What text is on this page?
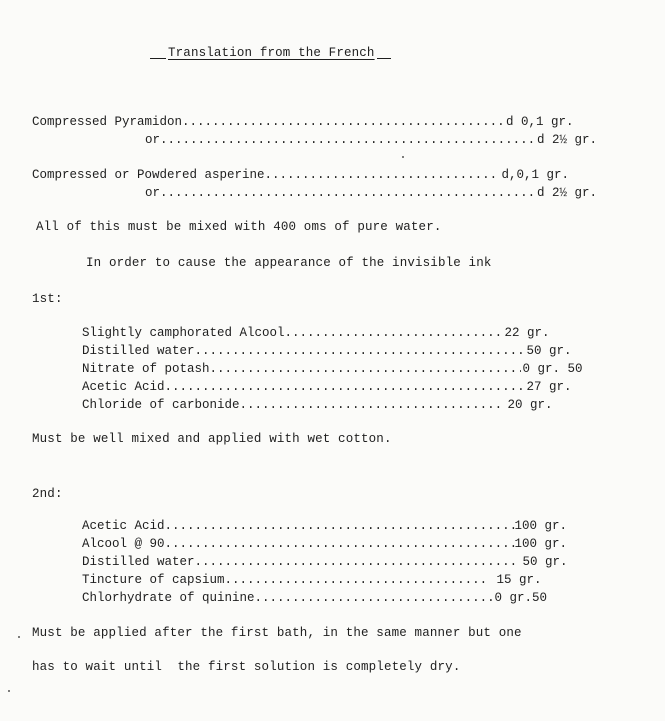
Translation from the French
Compressed Pyramidon .....	d 0,1 gr.
or .....	d 2½ gr.
Compressed or Powdered asperine .....	d,0,1 gr.
or .....	d 2½ gr.
All of this must be mixed with 400 oms of pure water.
In order to cause the appearance of the invisible ink
1st:
Slightly camphorated Alcool .....	22 gr.
Distilled water .....	50 gr.
Nitrate of potash .....	0 gr. 50
Acetic Acid .....	27 gr.
Chloride of carbonide .....	20 gr.
Must be well mixed and applied with wet cotton.
2nd:
Acetic Acid .....	100 gr.
Alcool @ 90 .....	100 gr.
Distilled water .....	50 gr.
Tincture of capsium .....	15 gr.
Chlorhydrate of quinine .....	0 gr.50
Must be applied after the first bath, in the same manner but one
has to wait until  the first solution is completely dry.
